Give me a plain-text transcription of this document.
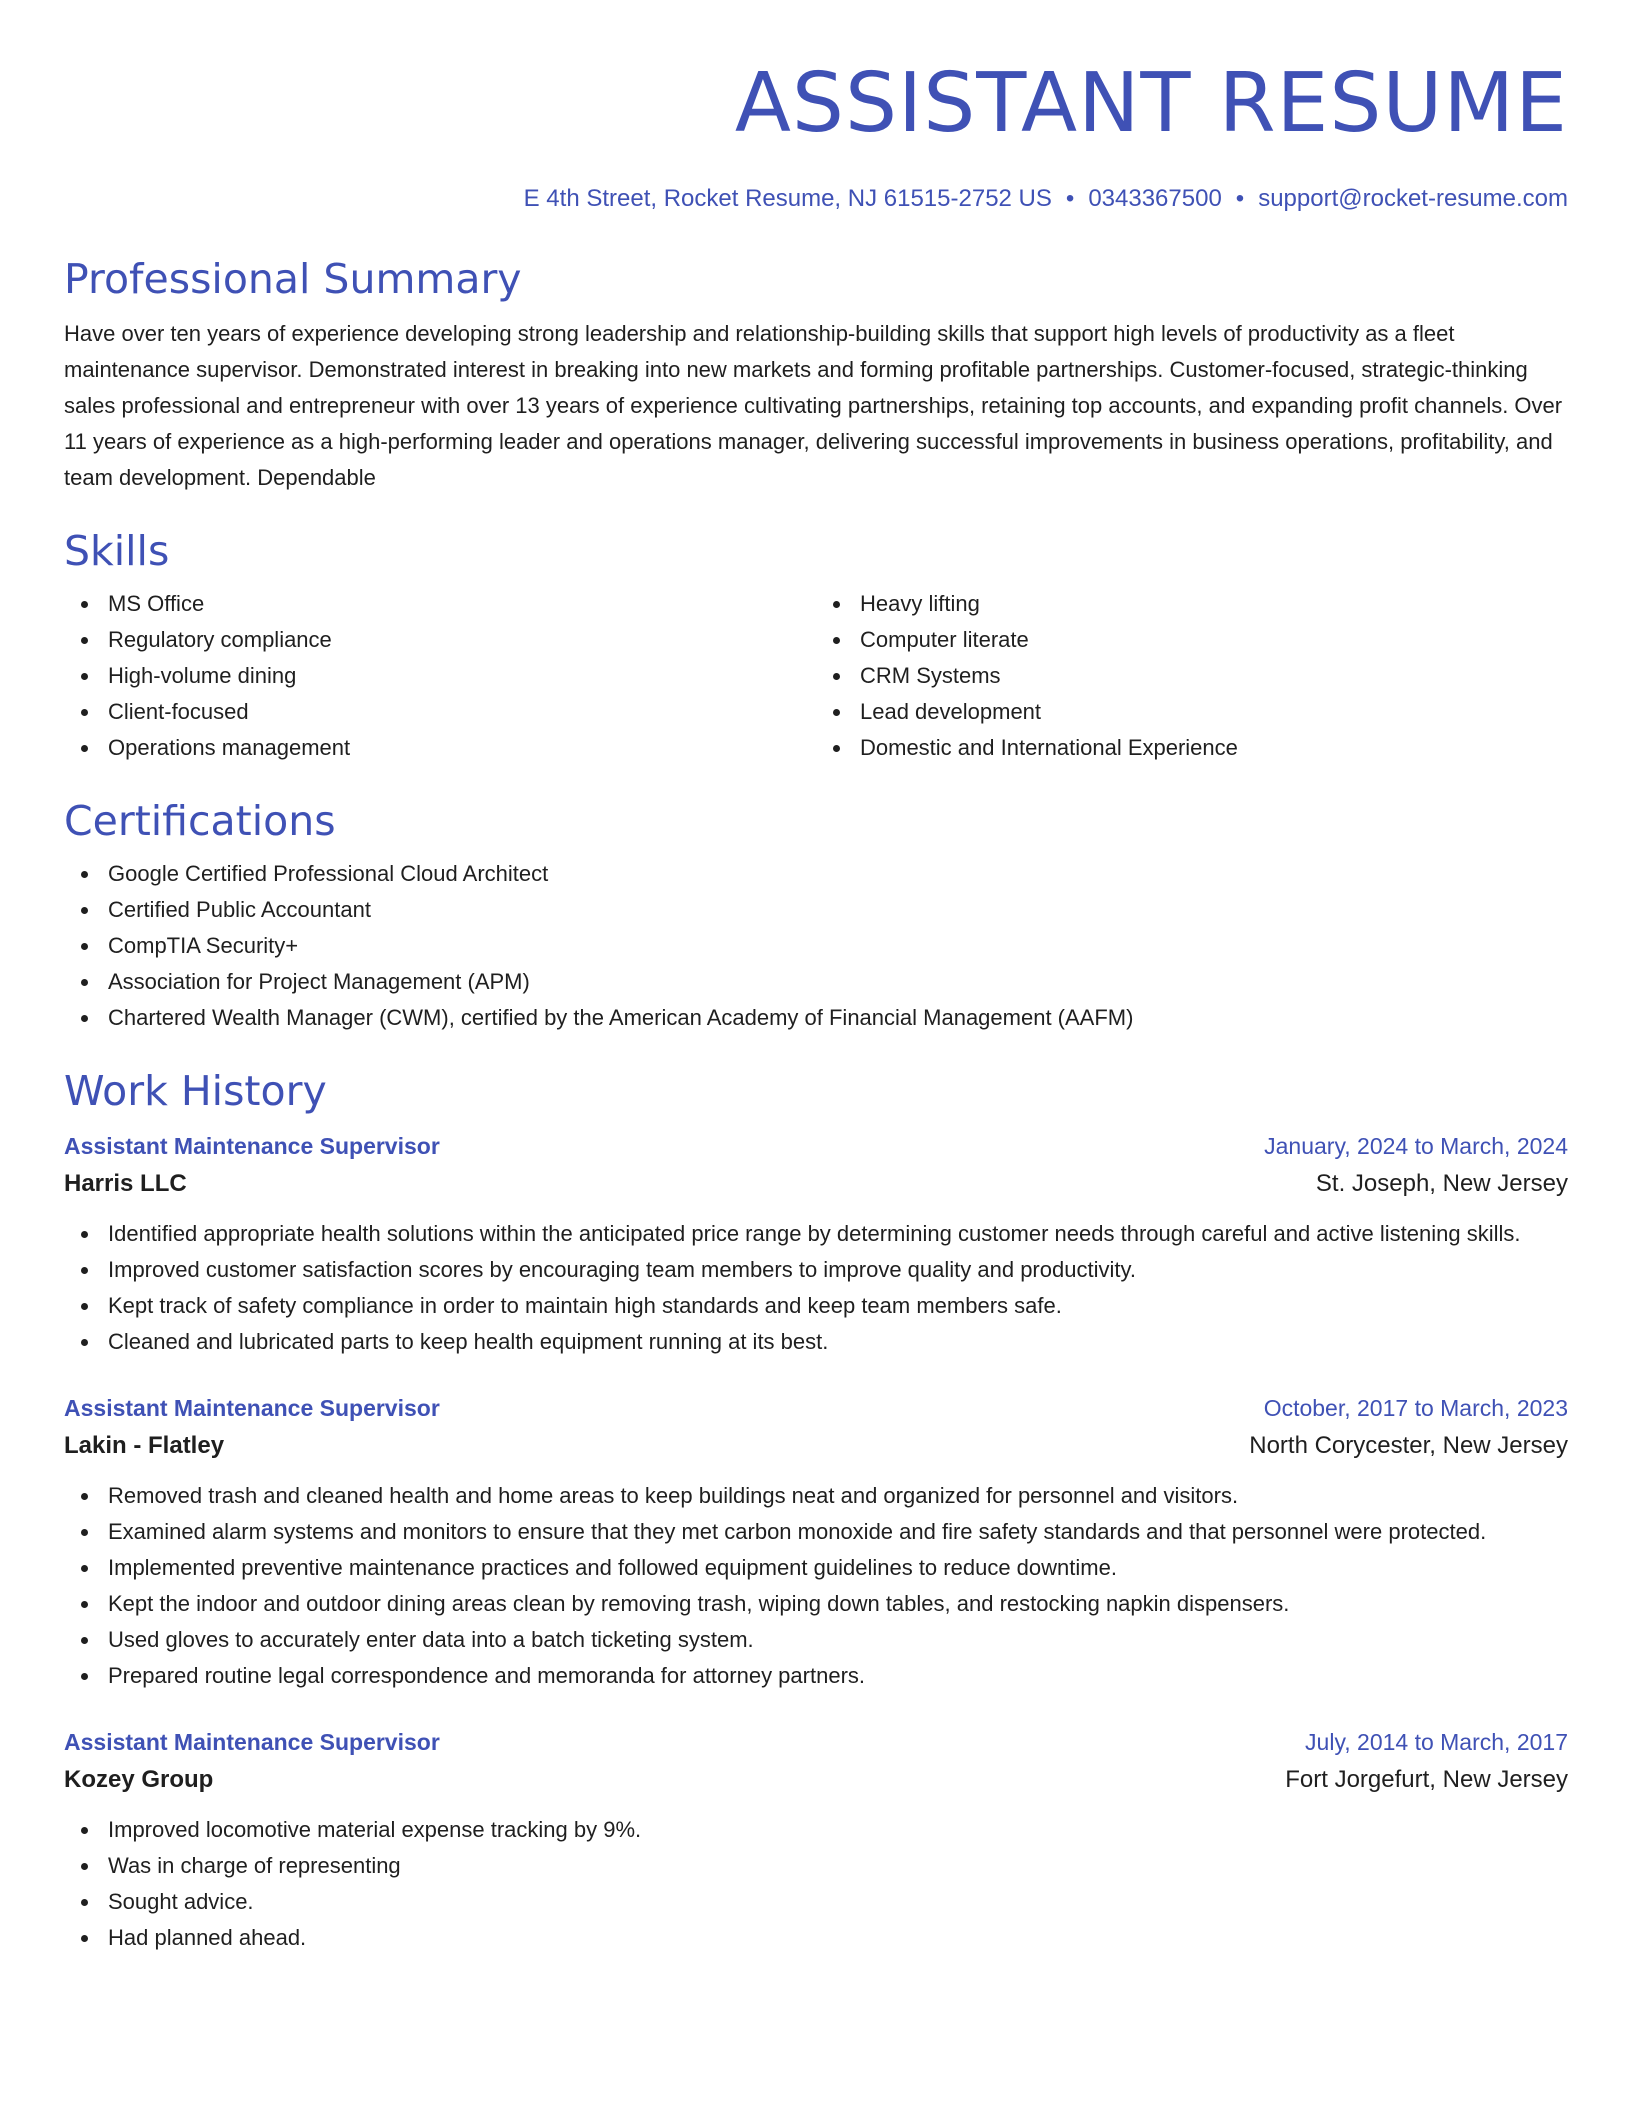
ASSISTANT RESUME
E 4th Street, Rocket Resume, NJ 61515-2752 US • 0343367500 • support@rocket-resume.com
Professional Summary

Have over ten years of experience developing strong leadership and relationship-building skills that support high levels of productivity as a fleet maintenance supervisor. Demonstrated interest in breaking into new markets and forming profitable partnerships. Customer-focused, strategic-thinking sales professional and entrepreneur with over 13 years of experience cultivating partnerships, retaining top accounts, and expanding profit channels. Over 11 years of experience as a high-performing leader and operations manager, delivering successful improvements in business operations, profitability, and team development. Dependable

Skills
MS Office
Regulatory compliance
High-volume dining
Client-focused
Operations management
Heavy lifting
Computer literate
CRM Systems
Lead development
Domestic and International Experience
Certifications
Google Certified Professional Cloud Architect
Certified Public Accountant
CompTIA Security+
Association for Project Management (APM)
Chartered Wealth Manager (CWM), certified by the American Academy of Financial Management (AAFM)
Work History
Assistant Maintenance Supervisor	January, 2024 to March, 2024
Harris LLC	St. Joseph, New Jersey
Identified appropriate health solutions within the anticipated price range by determining customer needs through careful and active listening skills.
Improved customer satisfaction scores by encouraging team members to improve quality and productivity.
Kept track of safety compliance in order to maintain high standards and keep team members safe.
Cleaned and lubricated parts to keep health equipment running at its best.
Assistant Maintenance Supervisor	October, 2017 to March, 2023
Lakin - Flatley	North Corycester, New Jersey
Removed trash and cleaned health and home areas to keep buildings neat and organized for personnel and visitors.
Examined alarm systems and monitors to ensure that they met carbon monoxide and fire safety standards and that personnel were protected.
Implemented preventive maintenance practices and followed equipment guidelines to reduce downtime.
Kept the indoor and outdoor dining areas clean by removing trash, wiping down tables, and restocking napkin dispensers.
Used gloves to accurately enter data into a batch ticketing system.
Prepared routine legal correspondence and memoranda for attorney partners.
Assistant Maintenance Supervisor	July, 2014 to March, 2017
Kozey Group	Fort Jorgefurt, New Jersey
Improved locomotive material expense tracking by 9%.
Was in charge of representing
Sought advice.
Had planned ahead.
